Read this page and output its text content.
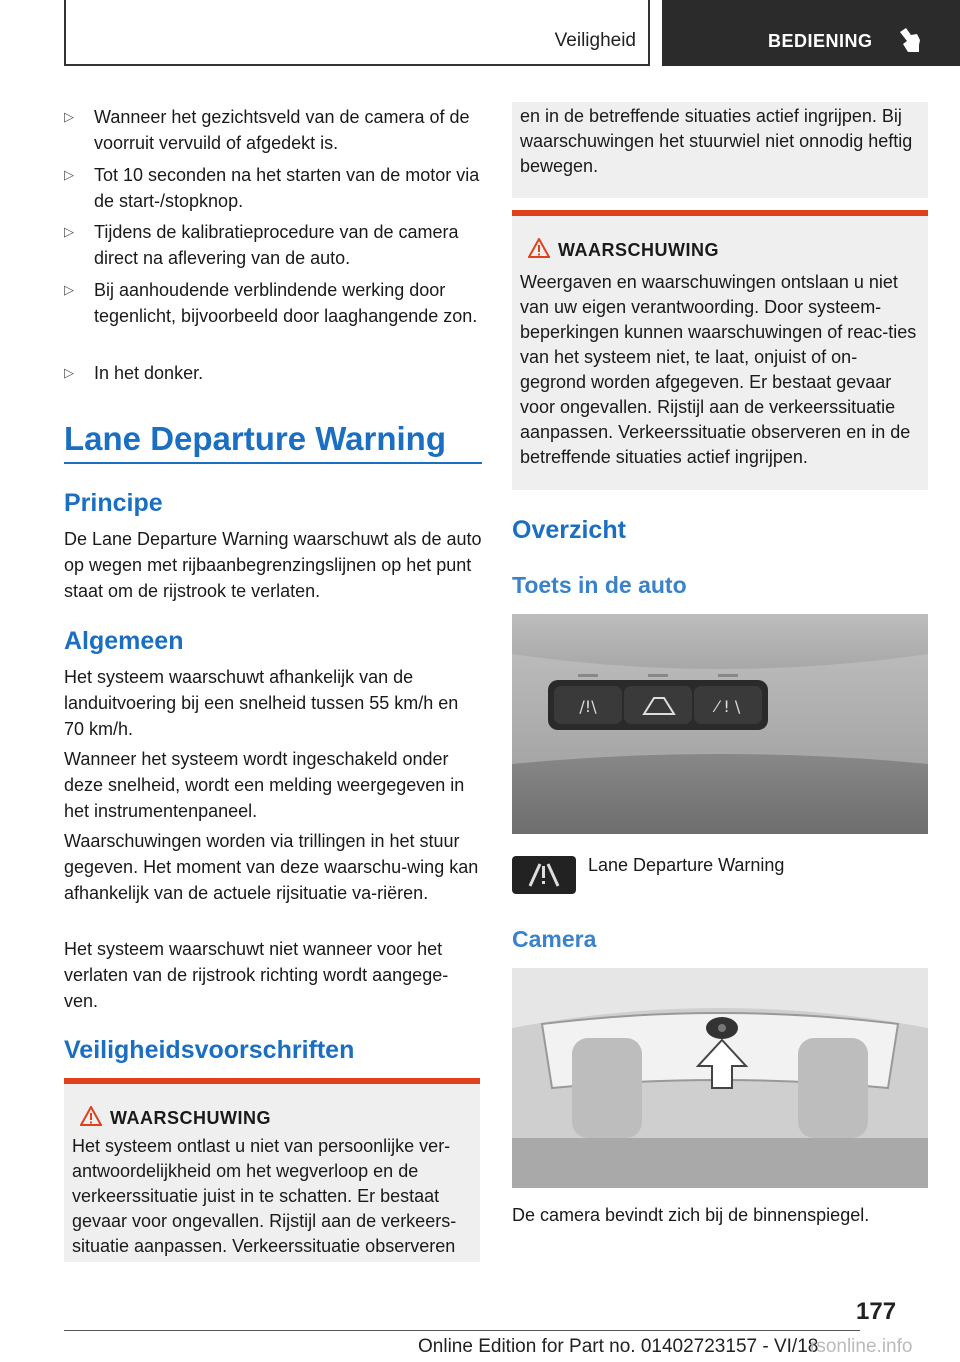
Veiligheid	BEDIENING
▷	Wanneer het gezichtsveld van de camera of de voorruit vervuild of afgedekt is.
▷	Tot 10 seconden na het starten van de motor via de start-/stopknop.
▷	Tijdens de kalibratieprocedure van de camera direct na aflevering van de auto.
▷	Bij aanhoudende verblindende werking door tegenlicht, bijvoorbeeld door laaghangende zon.
▷	In het donker.
Lane Departure Warning
Principe
De Lane Departure Warning waarschuwt als de auto op wegen met rijbaanbegrenzingslijnen op het punt staat om de rijstrook te verlaten.
Algemeen
Het systeem waarschuwt afhankelijk van de landuitvoering bij een snelheid tussen 55 km/h en 70 km/h.
Wanneer het systeem wordt ingeschakeld onder deze snelheid, wordt een melding weergegeven in het instrumentenpaneel.
Waarschuwingen worden via trillingen in het stuur gegeven. Het moment van deze waarschu-wing kan afhankelijk van de actuele rijsituatie va-riëren.
Het systeem waarschuwt niet wanneer voor het verlaten van de rijstrook richting wordt aangege-ven.
Veiligheidsvoorschriften
WAARSCHUWING
Het systeem ontlast u niet van persoonlijke ver-antwoordelijkheid om het wegverloop en de verkeerssituatie juist in te schatten. Er bestaat gevaar voor ongevallen. Rijstijl aan de verkeers-situatie aanpassen. Verkeerssituatie observeren
en in de betreffende situaties actief ingrijpen. Bij waarschuwingen het stuurwiel niet onnodig heftig bewegen.
WAARSCHUWING
Weergaven en waarschuwingen ontslaan u niet van uw eigen verantwoording. Door systeem-beperkingen kunnen waarschuwingen of reac-ties van het systeem niet, te laat, onjuist of on-gegrond worden afgegeven. Er bestaat gevaar voor ongevallen. Rijstijl aan de verkeerssituatie aanpassen. Verkeerssituatie observeren en in de betreffende situaties actief ingrijpen.
Overzicht
Toets in de auto
/!\	⁄ ! \
Lane Departure Warning
Camera
De camera bevindt zich bij de binnenspiegel.
177
Online Edition for Part no. 01402723157 - VI/18
rsonline.info
